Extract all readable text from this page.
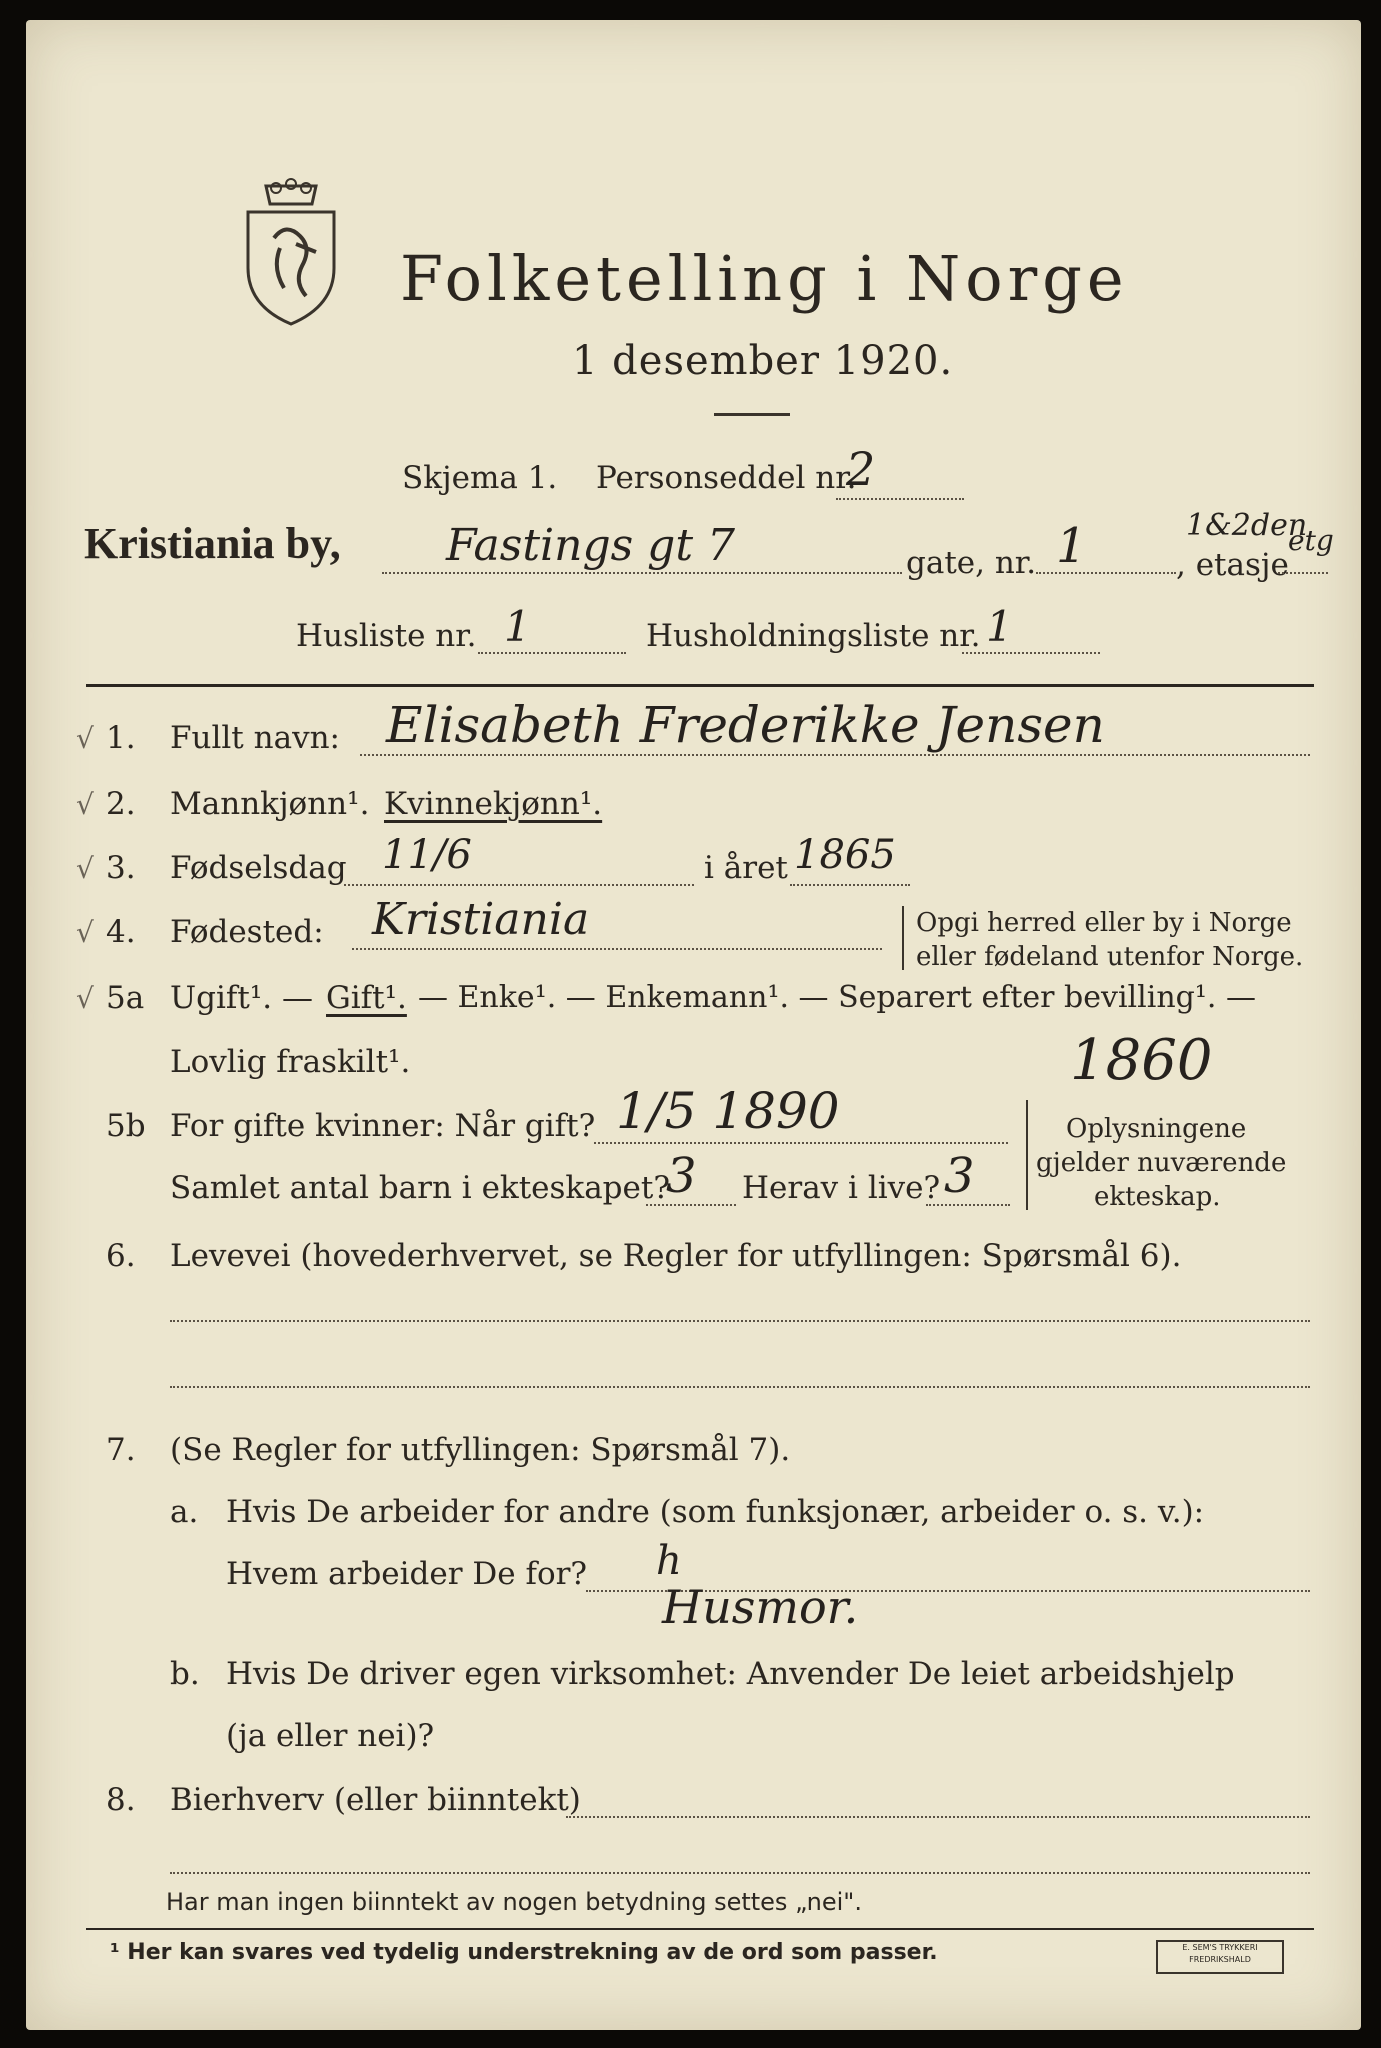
Folketelling i Norge
1 desember 1920.
Skjema 1. Personseddel nr.
2
Kristiania by, Fastings gt 7	gate, nr. 1	1&2den
etg
, etasje
Husliste nr. 1	Husholdningsliste nr. 1
√ 1. Fullt navn: Elisabeth Frederikke Jensen
√ 2. Mannkjønn¹. Kvinnekjønn¹.
√ 3. Fødselsdag 11/6	i året 1865
√ 4. Fødested: Kristiania	Opgi herred eller by i Norge
eller fødeland utenfor Norge.
√ 5a Ugift¹. — Gift¹. — Enke¹. — Enkemann¹. — Separert efter bevilling¹. —
Lovlig fraskilt¹.	1860
5b For gifte kvinner: Når gift? 1/5 1890
Samlet antal barn i ekteskapet?
3 Herav i live? 3
Oplysningene
gjelder nuværende
ekteskap.
6. Levevei (hovederhvervet, se Regler for utfyllingen: Spørsmål 6).
7. (Se Regler for utfyllingen: Spørsmål 7).
a. Hvis De arbeider for andre (som funksjonær, arbeider o. s. v.):
Hvem arbeider De for? h
Husmor.
b. Hvis De driver egen virksomhet: Anvender De leiet arbeidshjelp
(ja eller nei)?
8. Bierhverv (eller biinntekt)
Har man ingen biinntekt av nogen betydning settes „nei".
¹ Her kan svares ved tydelig understrekning av de ord som passer.	E. SEM'S TRYKKERI
FREDRIKSHALD
